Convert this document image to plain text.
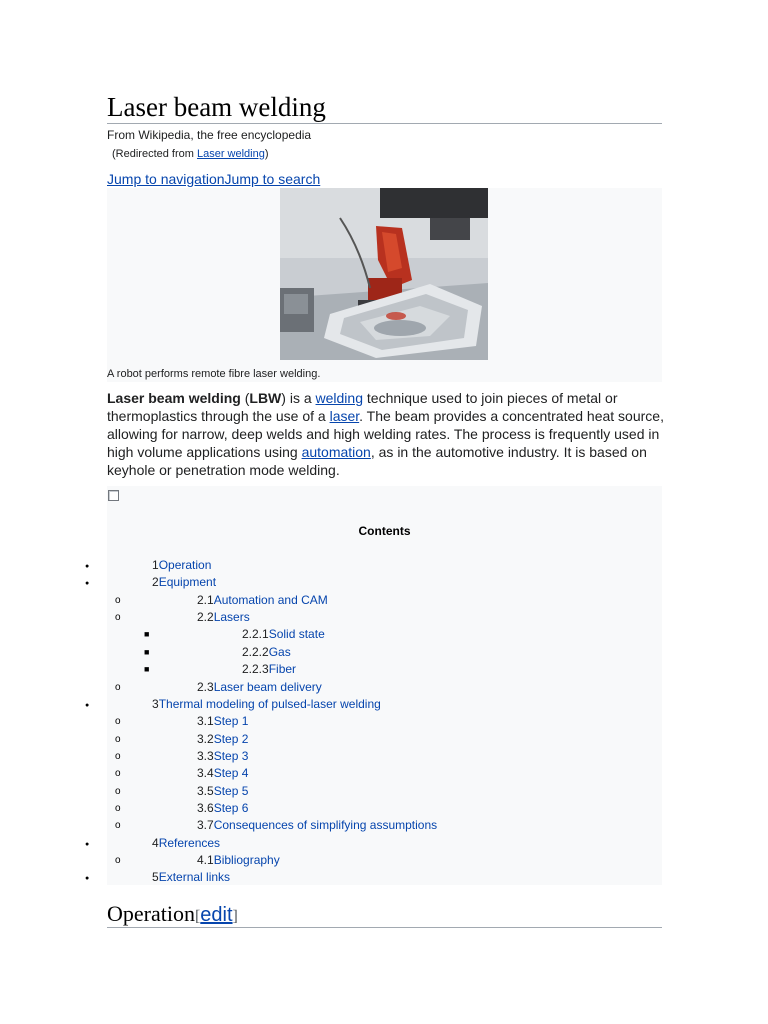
Laser beam welding
From Wikipedia, the free encyclopedia
(Redirected from Laser welding)
Jump to navigationJump to search
A robot performs remote fibre laser welding.
Laser beam welding (LBW) is a welding technique used to join pieces of metal or thermoplastics through the use of a laser. The beam provides a concentrated heat source, allowing for narrow, deep welds and high welding rates. The process is frequently used in high volume applications using automation, as in the automotive industry. It is based on keyhole or penetration mode welding.
Contents
●	1Operation
●	2Equipment
o	2.1Automation and CAM
o	2.2Lasers
■	2.2.1Solid state
■	2.2.2Gas
■	2.2.3Fiber
o	2.3Laser beam delivery
●	3Thermal modeling of pulsed-laser welding
o	3.1Step 1
o	3.2Step 2
o	3.3Step 3
o	3.4Step 4
o	3.5Step 5
o	3.6Step 6
o	3.7Consequences of simplifying assumptions
●	4References
o	4.1Bibliography
●	5External links
Operation[edit]
